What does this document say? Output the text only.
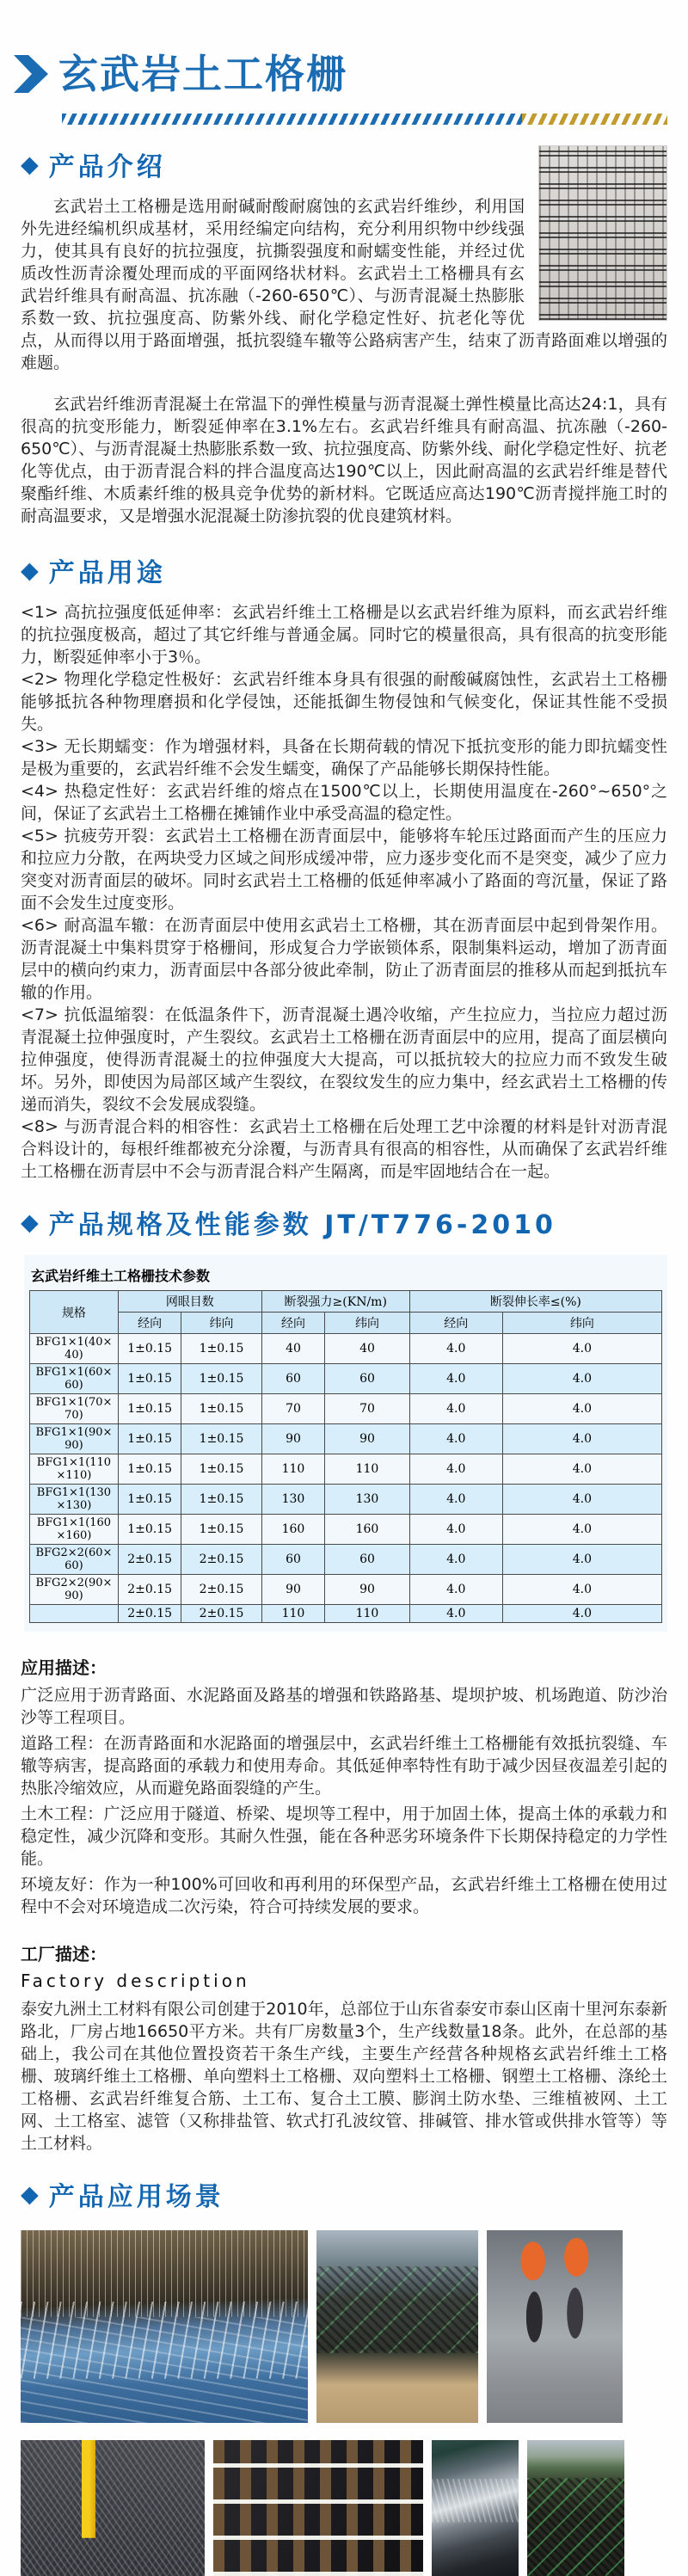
玄武岩土工格栅
◆ 产品介绍

玄武岩土工格栅是选用耐碱耐酸耐腐蚀的玄武岩纤维纱，利用国外先进经编机织成基材，采用经编定向结构，充分利用织物中纱线强力，使其具有良好的抗拉强度，抗撕裂强度和耐蠕变性能，并经过优质改性沥青涂覆处理而成的平面网络状材料。玄武岩土工格栅具有玄武岩纤维具有耐高温、抗冻融（-260-650℃）、与沥青混凝土热膨胀系数一致、抗拉强度高、防紫外线、耐化学稳定性好、抗老化等优点，从而得以用于路面增强，抵抗裂缝车辙等公路病害产生，结束了沥青路面难以增强的难题。

玄武岩纤维沥青混凝土在常温下的弹性模量与沥青混凝土弹性模量比高达24:1，具有很高的抗变形能力，断裂延伸率在3.1%左右。玄武岩纤维具有耐高温、抗冻融（-260-650℃）、与沥青混凝土热膨胀系数一致、抗拉强度高、防紫外线、耐化学稳定性好、抗老化等优点，由于沥青混合料的拌合温度高达190℃以上，因此耐高温的玄武岩纤维是替代聚酯纤维、木质素纤维的极具竞争优势的新材料。它既适应高达190℃沥青搅拌施工时的耐高温要求，又是增强水泥混凝土防渗抗裂的优良建筑材料。

◆ 产品用途

<1> 高抗拉强度低延伸率：玄武岩纤维土工格栅是以玄武岩纤维为原料，而玄武岩纤维的抗拉强度极高，超过了其它纤维与普通金属。同时它的模量很高，具有很高的抗变形能力，断裂延伸率小于3％。

<2> 物理化学稳定性极好：玄武岩纤维本身具有很强的耐酸碱腐蚀性，玄武岩土工格栅能够抵抗各种物理磨损和化学侵蚀，还能抵御生物侵蚀和气候变化，保证其性能不受损失。

<3> 无长期蠕变：作为增强材料，具备在长期荷载的情况下抵抗变形的能力即抗蠕变性是极为重要的，玄武岩纤维不会发生蠕变，确保了产品能够长期保持性能。

<4> 热稳定性好：玄武岩纤维的熔点在1500℃以上，长期使用温度在-260°~650°之间，保证了玄武岩土工格栅在摊铺作业中承受高温的稳定性。

<5> 抗疲劳开裂：玄武岩土工格栅在沥青面层中，能够将车轮压过路面而产生的压应力和拉应力分散，在两块受力区域之间形成缓冲带，应力逐步变化而不是突变，减少了应力突变对沥青面层的破坏。同时玄武岩土工格栅的低延伸率减小了路面的弯沉量，保证了路面不会发生过度变形。

<6> 耐高温车辙：在沥青面层中使用玄武岩土工格栅，其在沥青面层中起到骨架作用。沥青混凝土中集料贯穿于格栅间，形成复合力学嵌锁体系，限制集料运动，增加了沥青面层中的横向约束力，沥青面层中各部分彼此牵制，防止了沥青面层的推移从而起到抵抗车辙的作用。

<7> 抗低温缩裂：在低温条件下，沥青混凝土遇冷收缩，产生拉应力，当拉应力超过沥青混凝土拉伸强度时，产生裂纹。玄武岩土工格栅在沥青面层中的应用，提高了面层横向拉伸强度，使得沥青混凝土的拉伸强度大大提高，可以抵抗较大的拉应力而不致发生破坏。另外，即使因为局部区域产生裂纹，在裂纹发生的应力集中，经玄武岩土工格栅的传递而消失，裂纹不会发展成裂缝。

<8> 与沥青混合料的相容性：玄武岩土工格栅在后处理工艺中涂覆的材料是针对沥青混合料设计的，每根纤维都被充分涂覆，与沥青具有很高的相容性，从而确保了玄武岩纤维土工格栅在沥青层中不会与沥青混合料产生隔离，而是牢固地结合在一起。

◆ 产品规格及性能参数 JT/T776-2010
玄武岩纤维土工格栅技术参数
规格	网眼目数		断裂强力≥(KN/m)		断裂伸长率≤(%)	
	经向	纬向	经向	纬向	经向	纬向
BFG1×1(40×40)	1±0.15	1±0.15	40	40	4.0	4.0
BFG1×1(60×60)	1±0.15	1±0.15	60	60	4.0	4.0
BFG1×1(70×70)	1±0.15	1±0.15	70	70	4.0	4.0
BFG1×1(90×90)	1±0.15	1±0.15	90	90	4.0	4.0
BFG1×1(110×110)	1±0.15	1±0.15	110	110	4.0	4.0
BFG1×1(130×130)	1±0.15	1±0.15	130	130	4.0	4.0
BFG1×1(160×160)	1±0.15	1±0.15	160	160	4.0	4.0
BFG2×2(60×60)	2±0.15	2±0.15	60	60	4.0	4.0
BFG2×2(90×90)	2±0.15	2±0.15	90	90	4.0	4.0
	2±0.15	2±0.15	110	110	4.0	4.0
应用描述：

广泛应用于沥青路面、水泥路面及路基的增强和铁路路基、堤坝护坡、机场跑道、防沙治沙等工程项目。

道路工程：在沥青路面和水泥路面的增强层中，玄武岩纤维土工格栅能有效抵抗裂缝、车辙等病害，提高路面的承载力和使用寿命。其低延伸率特性有助于减少因昼夜温差引起的热胀冷缩效应，从而避免路面裂缝的产生。

土木工程：广泛应用于隧道、桥梁、堤坝等工程中，用于加固土体，提高土体的承载力和稳定性，减少沉降和变形。其耐久性强，能在各种恶劣环境条件下长期保持稳定的力学性能。

环境友好：作为一种100%可回收和再利用的环保型产品，玄武岩纤维土工格栅在使用过程中不会对环境造成二次污染，符合可持续发展的要求。

工厂描述：
Factory description

泰安九洲土工材料有限公司创建于2010年，总部位于山东省泰安市泰山区南十里河东泰新路北，厂房占地16650平方米。共有厂房数量3个，生产线数量18条。此外，在总部的基础上，我公司在其他位置投资若干条生产线，主要生产经营各种规格玄武岩纤维土工格栅、玻璃纤维土工格栅、单向塑料土工格栅、双向塑料土工格栅、钢塑土工格栅、涤纶土工格栅、玄武岩纤维复合筋、土工布、复合土工膜、膨润土防水垫、三维植被网、土工网、土工格室、滤管（又称排盐管、软式打孔波纹管、排碱管、排水管或供排水管等）等土工材料。

◆ 产品应用场景
